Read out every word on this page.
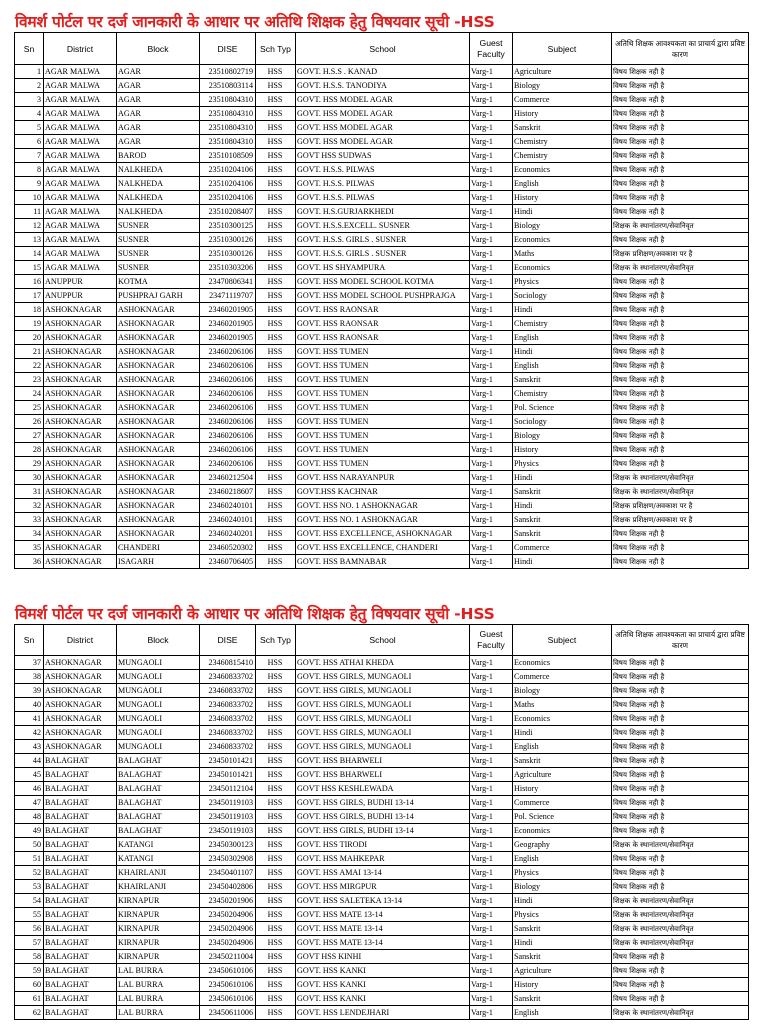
विमर्श पोर्टल पर दर्ज जानकारी के आधार पर अतिथि शिक्षक हेतु विषयवार सूची -HSS
Sn	District	Block	DISE	Sch Typ	School	Guest Faculty	Subject	अतिथि शिक्षक आवश्यकता का प्राचार्य द्वारा प्रविष्ट कारण
1	AGAR MALWA	AGAR	23510802719	HSS	GOVT. H.S.S . KANAD	Varg-1	Agriculture	विषय शिक्षक नही है
2	AGAR MALWA	AGAR	23510803114	HSS	GOVT. H.S.S. TANODIYA	Varg-1	Biology	विषय शिक्षक नही है
3	AGAR MALWA	AGAR	23510804310	HSS	GOVT. HSS MODEL AGAR	Varg-1	Commerce	विषय शिक्षक नही है
4	AGAR MALWA	AGAR	23510804310	HSS	GOVT. HSS MODEL AGAR	Varg-1	History	विषय शिक्षक नही है
5	AGAR MALWA	AGAR	23510804310	HSS	GOVT. HSS MODEL AGAR	Varg-1	Sanskrit	विषय शिक्षक नही है
6	AGAR MALWA	AGAR	23510804310	HSS	GOVT. HSS MODEL AGAR	Varg-1	Chemistry	विषय शिक्षक नही है
7	AGAR MALWA	BAROD	23510108509	HSS	GOVT HSS SUDWAS	Varg-1	Chemistry	विषय शिक्षक नही है
8	AGAR MALWA	NALKHEDA	23510204106	HSS	GOVT. H.S.S. PILWAS	Varg-1	Economics	विषय शिक्षक नही है
9	AGAR MALWA	NALKHEDA	23510204106	HSS	GOVT. H.S.S. PILWAS	Varg-1	English	विषय शिक्षक नही है
10	AGAR MALWA	NALKHEDA	23510204106	HSS	GOVT. H.S.S. PILWAS	Varg-1	History	विषय शिक्षक नही है
11	AGAR MALWA	NALKHEDA	23510208407	HSS	GOVT. H.S.GURJARKHEDI	Varg-1	Hindi	विषय शिक्षक नही है
12	AGAR MALWA	SUSNER	23510300125	HSS	GOVT. H.S.S.EXCELL. SUSNER	Varg-1	Biology	शिक्षक के स्थानांतरण/सेवानिवृत
13	AGAR MALWA	SUSNER	23510300126	HSS	GOVT. H.S.S. GIRLS . SUSNER	Varg-1	Economics	विषय शिक्षक नही है
14	AGAR MALWA	SUSNER	23510300126	HSS	GOVT. H.S.S. GIRLS . SUSNER	Varg-1	Maths	शिक्षक प्रशिक्षण/अवकाश पर है
15	AGAR MALWA	SUSNER	23510303206	HSS	GOVT. HS SHYAMPURA	Varg-1	Economics	शिक्षक के स्थानांतरण/सेवानिवृत
16	ANUPPUR	KOTMA	23470806341	HSS	GOVT. HSS MODEL SCHOOL KOTMA	Varg-1	Physics	विषय शिक्षक नही है
17	ANUPPUR	PUSHPRAJ GARH	23471119707	HSS	GOVT. HSS MODEL SCHOOL PUSHPRAJGA	Varg-1	Sociology	विषय शिक्षक नही है
18	ASHOKNAGAR	ASHOKNAGAR	23460201905	HSS	GOVT. HSS RAONSAR	Varg-1	Hindi	विषय शिक्षक नही है
19	ASHOKNAGAR	ASHOKNAGAR	23460201905	HSS	GOVT. HSS RAONSAR	Varg-1	Chemistry	विषय शिक्षक नही है
20	ASHOKNAGAR	ASHOKNAGAR	23460201905	HSS	GOVT. HSS RAONSAR	Varg-1	English	विषय शिक्षक नही है
21	ASHOKNAGAR	ASHOKNAGAR	23460206106	HSS	GOVT. HSS TUMEN	Varg-1	Hindi	विषय शिक्षक नही है
22	ASHOKNAGAR	ASHOKNAGAR	23460206106	HSS	GOVT. HSS TUMEN	Varg-1	English	विषय शिक्षक नही है
23	ASHOKNAGAR	ASHOKNAGAR	23460206106	HSS	GOVT. HSS TUMEN	Varg-1	Sanskrit	विषय शिक्षक नही है
24	ASHOKNAGAR	ASHOKNAGAR	23460206106	HSS	GOVT. HSS TUMEN	Varg-1	Chemistry	विषय शिक्षक नही है
25	ASHOKNAGAR	ASHOKNAGAR	23460206106	HSS	GOVT. HSS TUMEN	Varg-1	Pol. Science	विषय शिक्षक नही है
26	ASHOKNAGAR	ASHOKNAGAR	23460206106	HSS	GOVT. HSS TUMEN	Varg-1	Sociology	विषय शिक्षक नही है
27	ASHOKNAGAR	ASHOKNAGAR	23460206106	HSS	GOVT. HSS TUMEN	Varg-1	Biology	विषय शिक्षक नही है
28	ASHOKNAGAR	ASHOKNAGAR	23460206106	HSS	GOVT. HSS TUMEN	Varg-1	History	विषय शिक्षक नही है
29	ASHOKNAGAR	ASHOKNAGAR	23460206106	HSS	GOVT. HSS TUMEN	Varg-1	Physics	विषय शिक्षक नही है
30	ASHOKNAGAR	ASHOKNAGAR	23460212504	HSS	GOVT. HSS NARAYANPUR	Varg-1	Hindi	शिक्षक के स्थानांतरण/सेवानिवृत
31	ASHOKNAGAR	ASHOKNAGAR	23460218607	HSS	GOVT.HSS KACHNAR	Varg-1	Sanskrit	शिक्षक के स्थानांतरण/सेवानिवृत
32	ASHOKNAGAR	ASHOKNAGAR	23460240101	HSS	GOVT. HSS NO. 1 ASHOKNAGAR	Varg-1	Hindi	शिक्षक प्रशिक्षण/अवकाश पर है
33	ASHOKNAGAR	ASHOKNAGAR	23460240101	HSS	GOVT. HSS NO. 1 ASHOKNAGAR	Varg-1	Sanskrit	शिक्षक प्रशिक्षण/अवकाश पर है
34	ASHOKNAGAR	ASHOKNAGAR	23460240201	HSS	GOVT. HSS EXCELLENCE, ASHOKNAGAR	Varg-1	Sanskrit	विषय शिक्षक नही है
35	ASHOKNAGAR	CHANDERI	23460520302	HSS	GOVT. HSS EXCELLENCE, CHANDERI	Varg-1	Commerce	विषय शिक्षक नही है
36	ASHOKNAGAR	ISAGARH	23460706405	HSS	GOVT. HSS BAMNABAR	Varg-1	Hindi	विषय शिक्षक नही है
विमर्श पोर्टल पर दर्ज जानकारी के आधार पर अतिथि शिक्षक हेतु विषयवार सूची -HSS
Sn	District	Block	DISE	Sch Typ	School	Guest Faculty	Subject	अतिथि शिक्षक आवश्यकता का प्राचार्य द्वारा प्रविष्ट कारण
37	ASHOKNAGAR	MUNGAOLI	23460815410	HSS	GOVT. HSS ATHAI KHEDA	Varg-1	Economics	विषय शिक्षक नही है
38	ASHOKNAGAR	MUNGAOLI	23460833702	HSS	GOVT. HSS GIRLS, MUNGAOLI	Varg-1	Commerce	विषय शिक्षक नही है
39	ASHOKNAGAR	MUNGAOLI	23460833702	HSS	GOVT. HSS GIRLS, MUNGAOLI	Varg-1	Biology	विषय शिक्षक नही है
40	ASHOKNAGAR	MUNGAOLI	23460833702	HSS	GOVT. HSS GIRLS, MUNGAOLI	Varg-1	Maths	विषय शिक्षक नही है
41	ASHOKNAGAR	MUNGAOLI	23460833702	HSS	GOVT. HSS GIRLS, MUNGAOLI	Varg-1	Economics	विषय शिक्षक नही है
42	ASHOKNAGAR	MUNGAOLI	23460833702	HSS	GOVT. HSS GIRLS, MUNGAOLI	Varg-1	Hindi	विषय शिक्षक नही है
43	ASHOKNAGAR	MUNGAOLI	23460833702	HSS	GOVT. HSS GIRLS, MUNGAOLI	Varg-1	English	विषय शिक्षक नही है
44	BALAGHAT	BALAGHAT	23450101421	HSS	GOVT. HSS BHARWELI	Varg-1	Sanskrit	विषय शिक्षक नही है
45	BALAGHAT	BALAGHAT	23450101421	HSS	GOVT. HSS BHARWELI	Varg-1	Agriculture	विषय शिक्षक नही है
46	BALAGHAT	BALAGHAT	23450112104	HSS	GOVT HSS KESHLEWADA	Varg-1	History	विषय शिक्षक नही है
47	BALAGHAT	BALAGHAT	23450119103	HSS	GOVT. HSS GIRLS, BUDHI 13-14	Varg-1	Commerce	विषय शिक्षक नही है
48	BALAGHAT	BALAGHAT	23450119103	HSS	GOVT. HSS GIRLS, BUDHI 13-14	Varg-1	Pol. Science	विषय शिक्षक नही है
49	BALAGHAT	BALAGHAT	23450119103	HSS	GOVT. HSS GIRLS, BUDHI 13-14	Varg-1	Economics	विषय शिक्षक नही है
50	BALAGHAT	KATANGI	23450300123	HSS	GOVT. HSS TIRODI	Varg-1	Geography	शिक्षक के स्थानांतरण/सेवानिवृत
51	BALAGHAT	KATANGI	23450302908	HSS	GOVT. HSS MAHKEPAR	Varg-1	English	विषय शिक्षक नही है
52	BALAGHAT	KHAIRLANJI	23450401107	HSS	GOVT. HSS AMAI 13-14	Varg-1	Physics	विषय शिक्षक नही है
53	BALAGHAT	KHAIRLANJI	23450402806	HSS	GOVT. HSS MIRGPUR	Varg-1	Biology	विषय शिक्षक नही है
54	BALAGHAT	KIRNAPUR	23450201906	HSS	GOVT. HSS SALETEKA 13-14	Varg-1	Hindi	शिक्षक के स्थानांतरण/सेवानिवृत
55	BALAGHAT	KIRNAPUR	23450204906	HSS	GOVT. HSS MATE 13-14	Varg-1	Physics	शिक्षक के स्थानांतरण/सेवानिवृत
56	BALAGHAT	KIRNAPUR	23450204906	HSS	GOVT. HSS MATE 13-14	Varg-1	Sanskrit	शिक्षक के स्थानांतरण/सेवानिवृत
57	BALAGHAT	KIRNAPUR	23450204906	HSS	GOVT. HSS MATE 13-14	Varg-1	Hindi	शिक्षक के स्थानांतरण/सेवानिवृत
58	BALAGHAT	KIRNAPUR	23450211004	HSS	GOVT HSS KINHI	Varg-1	Sanskrit	विषय शिक्षक नही है
59	BALAGHAT	LAL BURRA	23450610106	HSS	GOVT. HSS KANKI	Varg-1	Agriculture	विषय शिक्षक नही है
60	BALAGHAT	LAL BURRA	23450610106	HSS	GOVT. HSS KANKI	Varg-1	History	विषय शिक्षक नही है
61	BALAGHAT	LAL BURRA	23450610106	HSS	GOVT. HSS KANKI	Varg-1	Sanskrit	विषय शिक्षक नही है
62	BALAGHAT	LAL BURRA	23450611006	HSS	GOVT. HSS LENDEJHARI	Varg-1	English	शिक्षक के स्थानांतरण/सेवानिवृत
